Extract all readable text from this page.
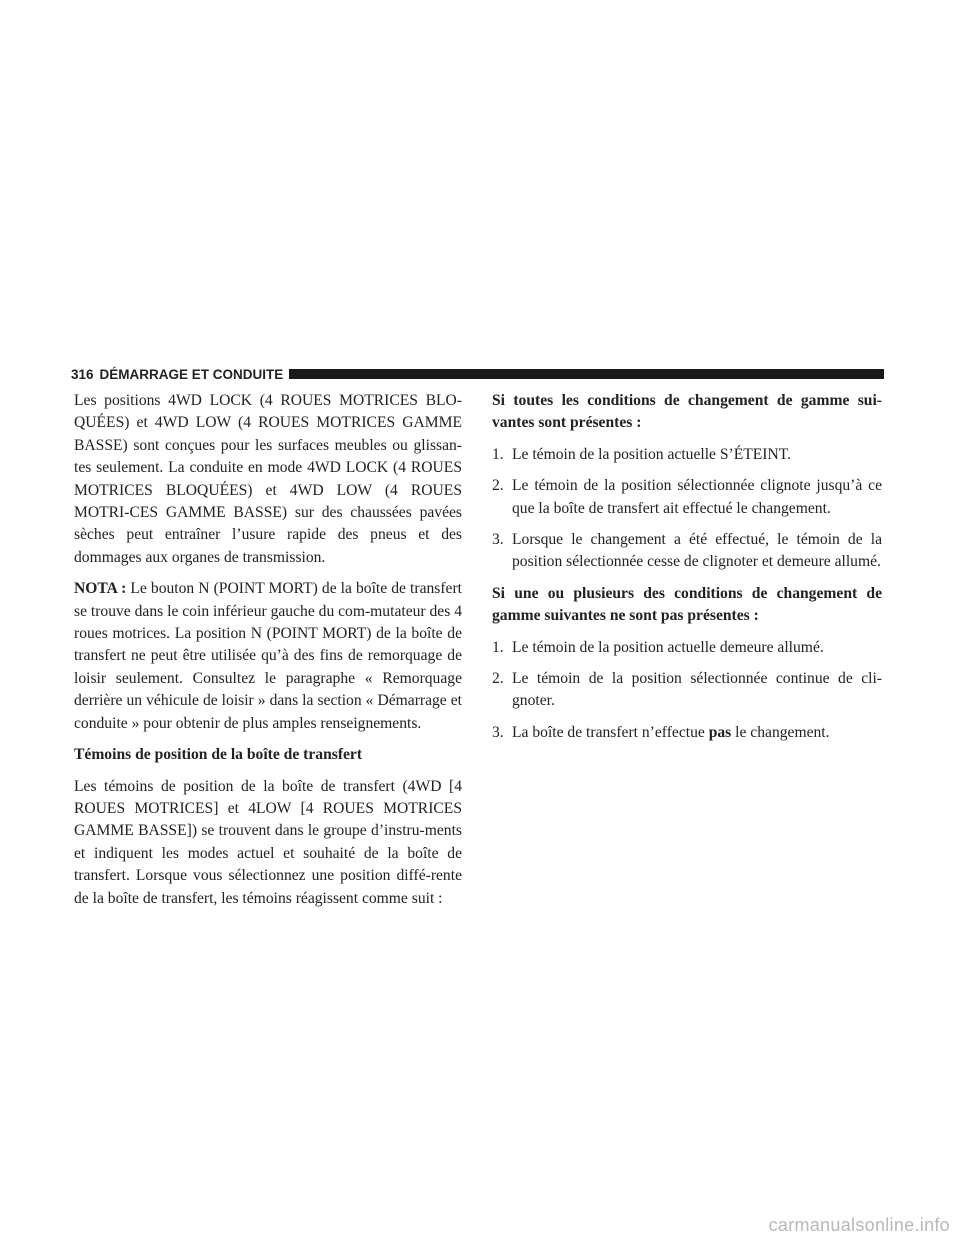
316 DÉMARRAGE ET CONDUITE

Les positions 4WD LOCK (4 ROUES MOTRICES BLO-QUÉES) et 4WD LOW (4 ROUES MOTRICES GAMME BASSE) sont conçues pour les surfaces meubles ou glissan-tes seulement. La conduite en mode 4WD LOCK (4 ROUES MOTRICES BLOQUÉES) et 4WD LOW (4 ROUES MOTRI-CES GAMME BASSE) sur des chaussées pavées sèches peut entraîner l’usure rapide des pneus et des dommages aux organes de transmission.

NOTA : Le bouton N (POINT MORT) de la boîte de transfert se trouve dans le coin inférieur gauche du com-mutateur des 4 roues motrices. La position N (POINT MORT) de la boîte de transfert ne peut être utilisée qu’à des fins de remorquage de loisir seulement. Consultez le paragraphe « Remorquage derrière un véhicule de loisir » dans la section « Démarrage et conduite » pour obtenir de plus amples renseignements.

Témoins de position de la boîte de transfert

Les témoins de position de la boîte de transfert (4WD [4 ROUES MOTRICES] et 4LOW [4 ROUES MOTRICES GAMME BASSE]) se trouvent dans le groupe d’instru-ments et indiquent les modes actuel et souhaité de la boîte de transfert. Lorsque vous sélectionnez une position diffé-rente de la boîte de transfert, les témoins réagissent comme suit :

Si toutes les conditions de changement de gamme sui-vantes sont présentes :

1. Le témoin de la position actuelle S’ÉTEINT.
2. Le témoin de la position sélectionnée clignote jusqu’à ce que la boîte de transfert ait effectué le changement.
3. Lorsque le changement a été effectué, le témoin de la position sélectionnée cesse de clignoter et demeure allumé.

Si une ou plusieurs des conditions de changement de gamme suivantes ne sont pas présentes :

1. Le témoin de la position actuelle demeure allumé.
2. Le témoin de la position sélectionnée continue de cli-gnoter.
3. La boîte de transfert n’effectue pas le changement.
carmanualsonline.info
